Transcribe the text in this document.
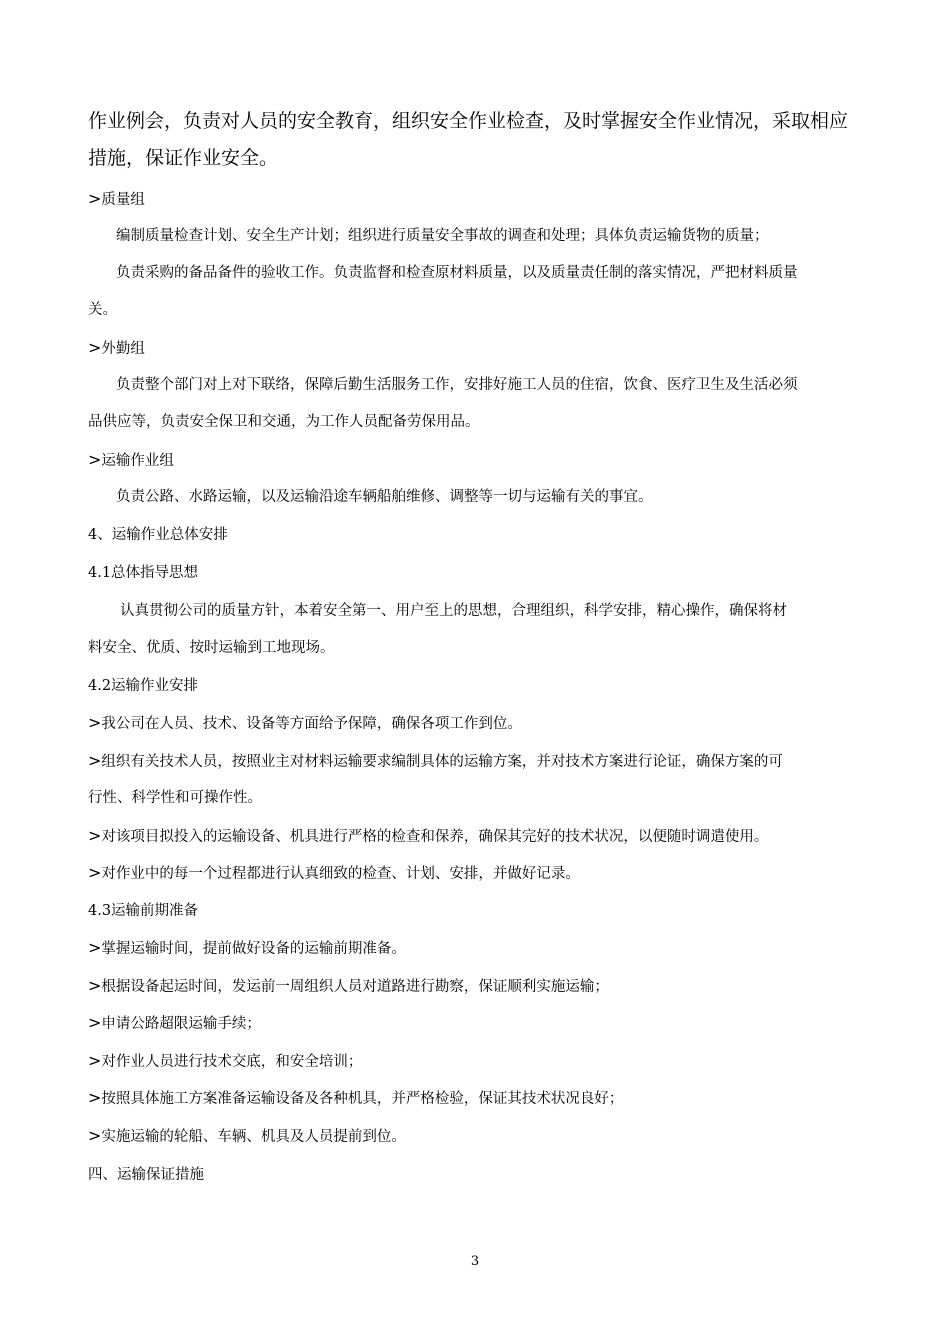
作业例会，负责对人员的安全教育，组织安全作业检查，及时掌握安全作业情况，采取相应
措施，保证作业安全。
>质量组
编制质量检查计划、安全生产计划；组织进行质量安全事故的调查和处理；具体负责运输货物的质量；
负责采购的备品备件的验收工作。负责监督和检查原材料质量，以及质量责任制的落实情况，严把材料质量
关。
>外勤组
负责整个部门对上对下联络，保障后勤生活服务工作，安排好施工人员的住宿，饮食、医疗卫生及生活必须
品供应等，负责安全保卫和交通，为工作人员配备劳保用品。
>运输作业组
负责公路、水路运输，以及运输沿途车辆船舶维修、调整等一切与运输有关的事宜。
4、运输作业总体安排
4.1总体指导思想
认真贯彻公司的质量方针，本着安全第一、用户至上的思想，合理组织，科学安排，精心操作，确保将材
料安全、优质、按时运输到工地现场。
4.2运输作业安排
>我公司在人员、技术、设备等方面给予保障，确保各项工作到位。
>组织有关技术人员，按照业主对材料运输要求编制具体的运输方案，并对技术方案进行论证，确保方案的可
行性、科学性和可操作性。
>对该项目拟投入的运输设备、机具进行严格的检查和保养，确保其完好的技术状况，以便随时调遣使用。
>对作业中的每一个过程都进行认真细致的检查、计划、安排，并做好记录。
4.3运输前期准备
>掌握运输时间，提前做好设备的运输前期准备。
>根据设备起运时间，发运前一周组织人员对道路进行勘察，保证顺利实施运输；
>申请公路超限运输手续；
>对作业人员进行技术交底，和安全培训；
>按照具体施工方案准备运输设备及各种机具，并严格检验，保证其技术状况良好；
>实施运输的轮船、车辆、机具及人员提前到位。
四、运输保证措施
3
